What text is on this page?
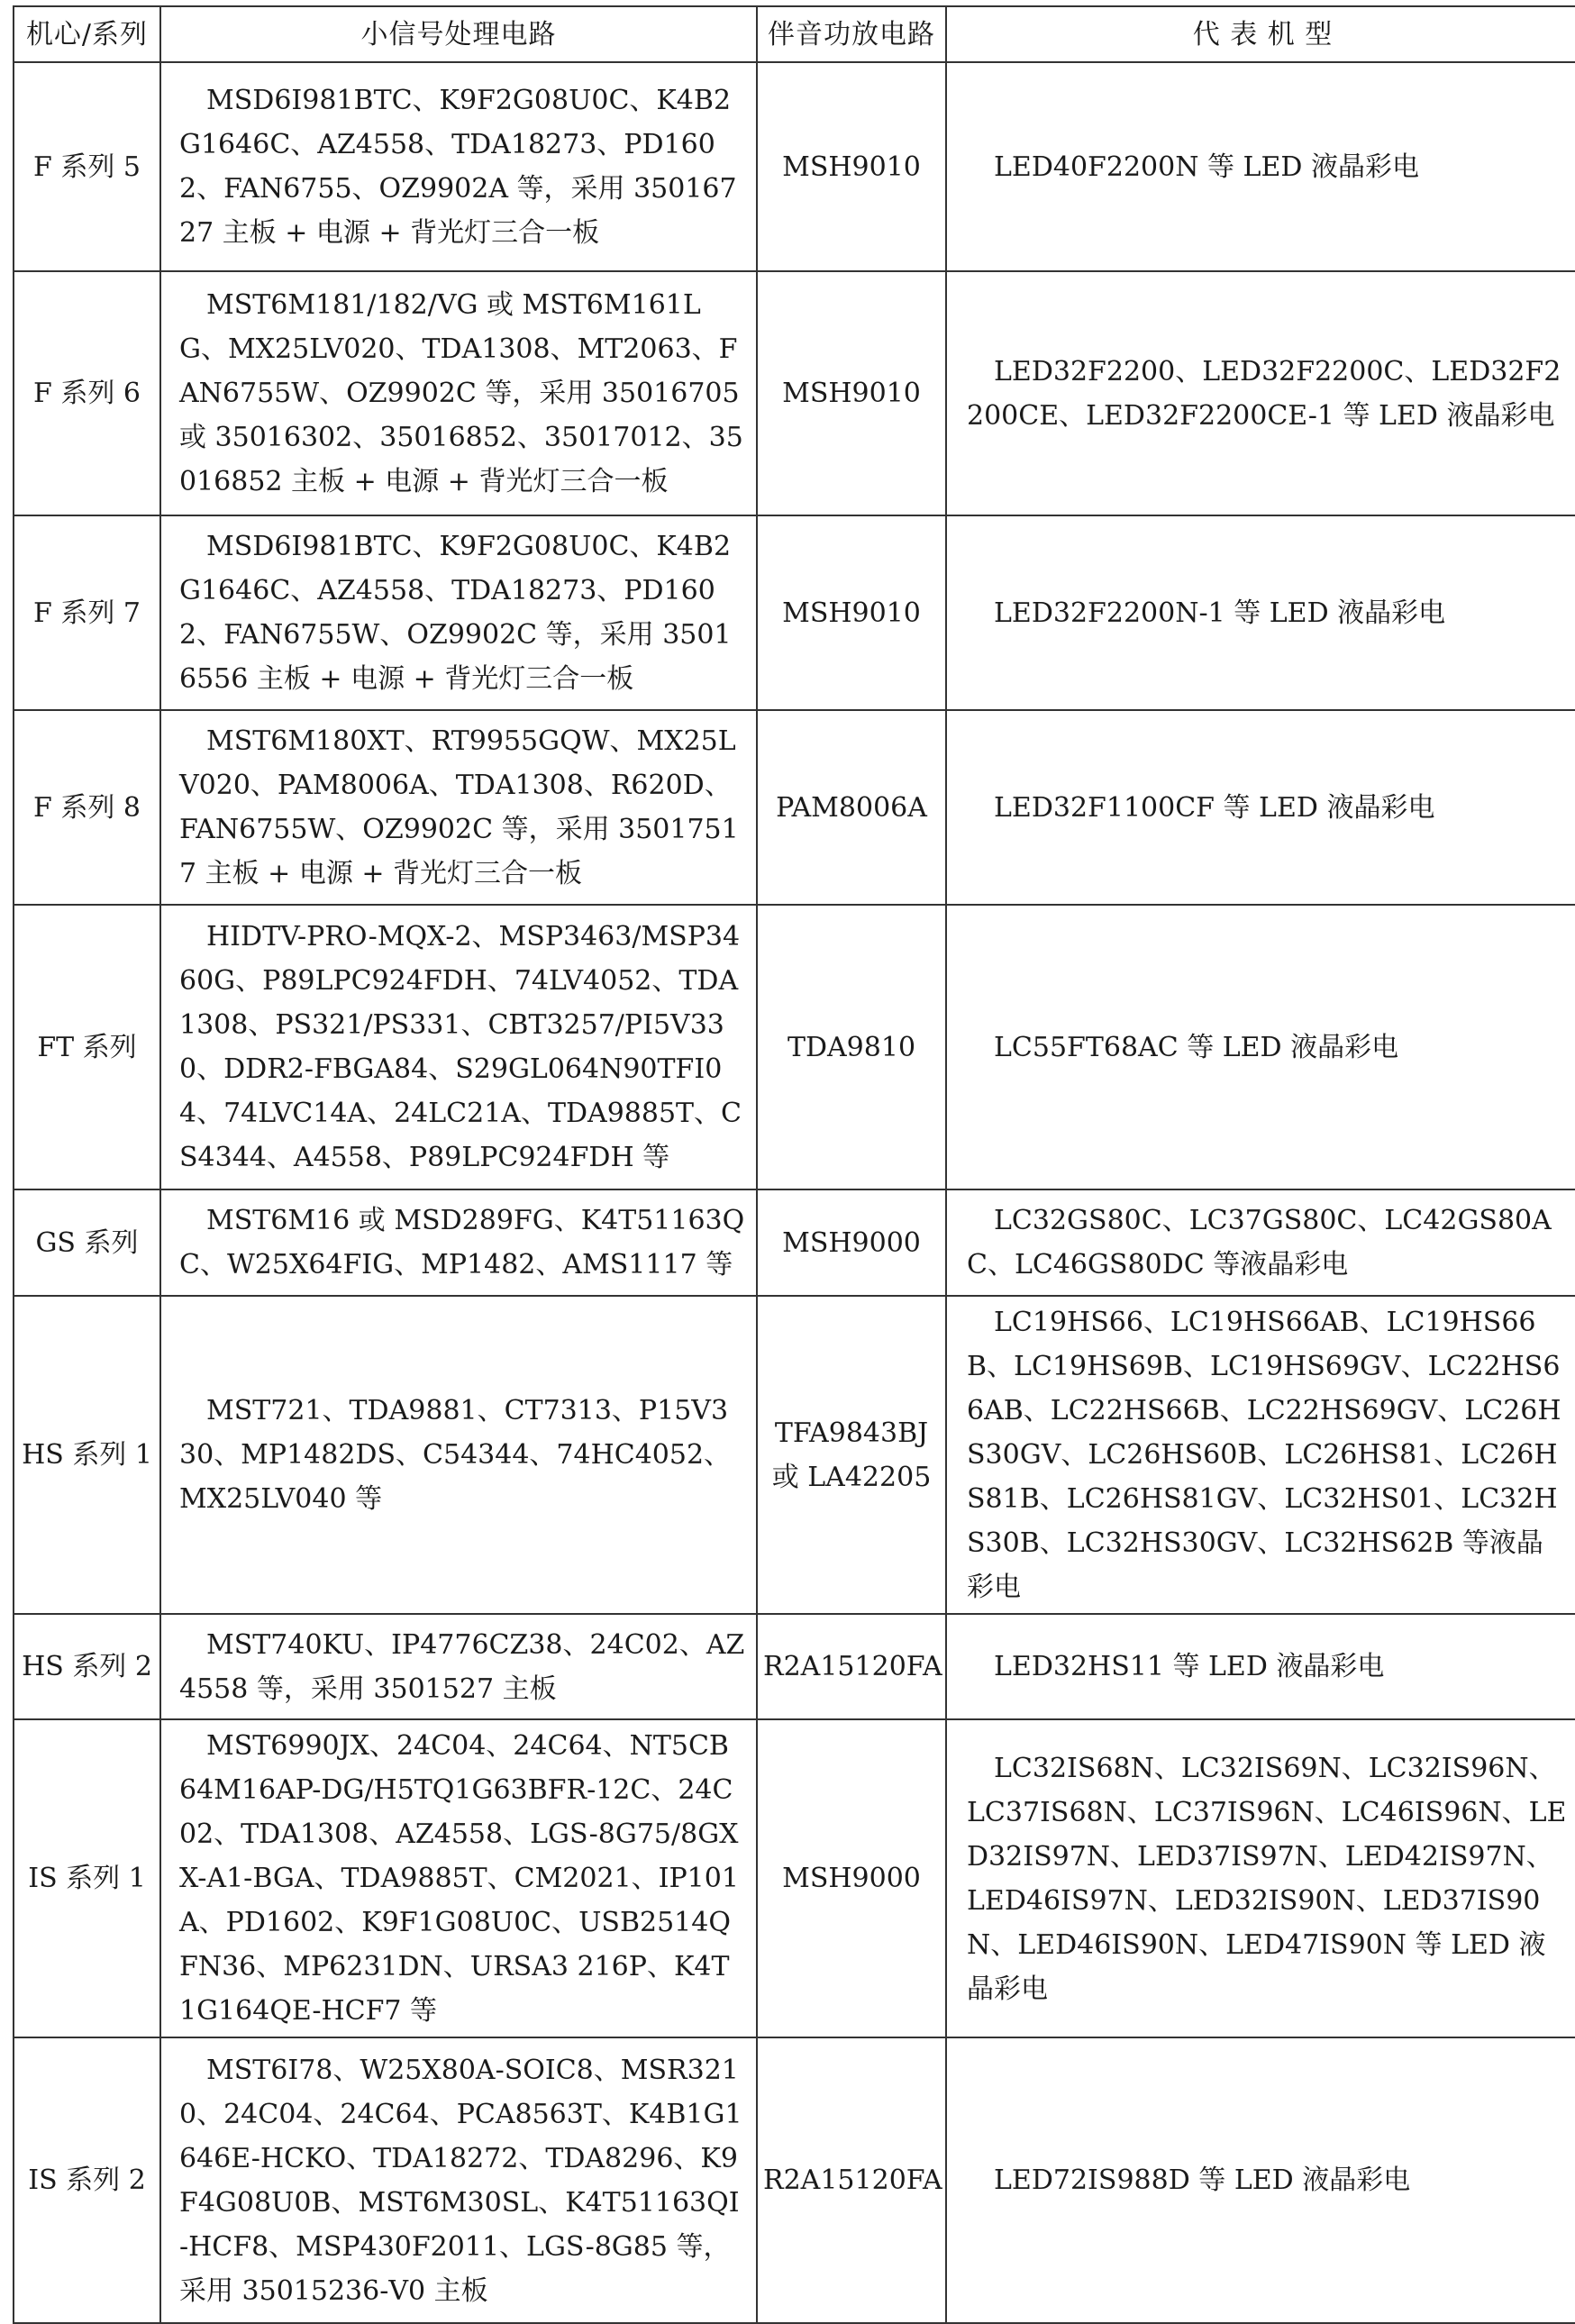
机心/系列	小信号处理电路	伴音功放电路	代 表 机 型
F 系列 5	MSD6I981BTC、K9F2G08U0C、K4B2G1646C、AZ4558、TDA18273、PD1602、FAN6755、OZ9902A 等，采用 35016727 主板 + 电源 + 背光灯三合一板	MSH9010	LED40F2200N 等 LED 液晶彩电
F 系列 6	MST6M181/182/VG 或 MST6M161LG、MX25LV020、TDA1308、MT2063、FAN6755W、OZ9902C 等，采用 35016705 或 35016302、35016852、35017012、35016852 主板 + 电源 + 背光灯三合一板	MSH9010	LED32F2200、LED32F2200C、LED32F2200CE、LED32F2200CE-1 等 LED 液晶彩电
F 系列 7	MSD6I981BTC、K9F2G08U0C、K4B2G1646C、AZ4558、TDA18273、PD1602、FAN6755W、OZ9902C 等，采用 35016556 主板 + 电源 + 背光灯三合一板	MSH9010	LED32F2200N-1 等 LED 液晶彩电
F 系列 8	MST6M180XT、RT9955GQW、MX25LV020、PAM8006A、TDA1308、R620D、FAN6755W、OZ9902C 等，采用 35017517 主板 + 电源 + 背光灯三合一板	PAM8006A	LED32F1100CF 等 LED 液晶彩电
FT 系列	HIDTV-PRO-MQX-2、MSP3463/MSP3460G、P89LPC924FDH、74LV4052、TDA1308、PS321/PS331、CBT3257/PI5V330、DDR2-FBGA84、S29GL064N90TFI04、74LVC14A、24LC21A、TDA9885T、CS4344、A4558、P89LPC924FDH 等	TDA9810	LC55FT68AC 等 LED 液晶彩电
GS 系列	MST6M16 或 MSD289FG、K4T51163QC、W25X64FIG、MP1482、AMS1117 等	MSH9000	LC32GS80C、LC37GS80C、LC42GS80AC、LC46GS80DC 等液晶彩电
HS 系列 1	MST721、TDA9881、CT7313、P15V330、MP1482DS、C54344、74HC4052、MX25LV040 等	TFA9843BJ 或 LA42205	LC19HS66、LC19HS66AB、LC19HS66B、LC19HS69B、LC19HS69GV、LC22HS66AB、LC22HS66B、LC22HS69GV、LC26HS30GV、LC26HS60B、LC26HS81、LC26HS81B、LC26HS81GV、LC32HS01、LC32HS30B、LC32HS30GV、LC32HS62B 等液晶彩电
HS 系列 2	MST740KU、IP4776CZ38、24C02、AZ4558 等，采用 3501527 主板	R2A15120FA	LED32HS11 等 LED 液晶彩电
IS 系列 1	MST6990JX、24C04、24C64、NT5CB64M16AP-DG/H5TQ1G63BFR-12C、24C02、TDA1308、AZ4558、LGS-8G75/8GXX-A1-BGA、TDA9885T、CM2021、IP101A、PD1602、K9F1G08U0C、USB2514QFN36、MP6231DN、URSA3 216P、K4T1G164QE-HCF7 等	MSH9000	LC32IS68N、LC32IS69N、LC32IS96N、LC37IS68N、LC37IS96N、LC46IS96N、LED32IS97N、LED37IS97N、LED42IS97N、LED46IS97N、LED32IS90N、LED37IS90N、LED46IS90N、LED47IS90N 等 LED 液晶彩电
IS 系列 2	MST6I78、W25X80A-SOIC8、MSR3210、24C04、24C64、PCA8563T、K4B1G1646E-HCKO、TDA18272、TDA8296、K9F4G08U0B、MST6M30SL、K4T51163QI-HCF8、MSP430F2011、LGS-8G85 等，采用 35015236-V0 主板	R2A15120FA	LED72IS988D 等 LED 液晶彩电
